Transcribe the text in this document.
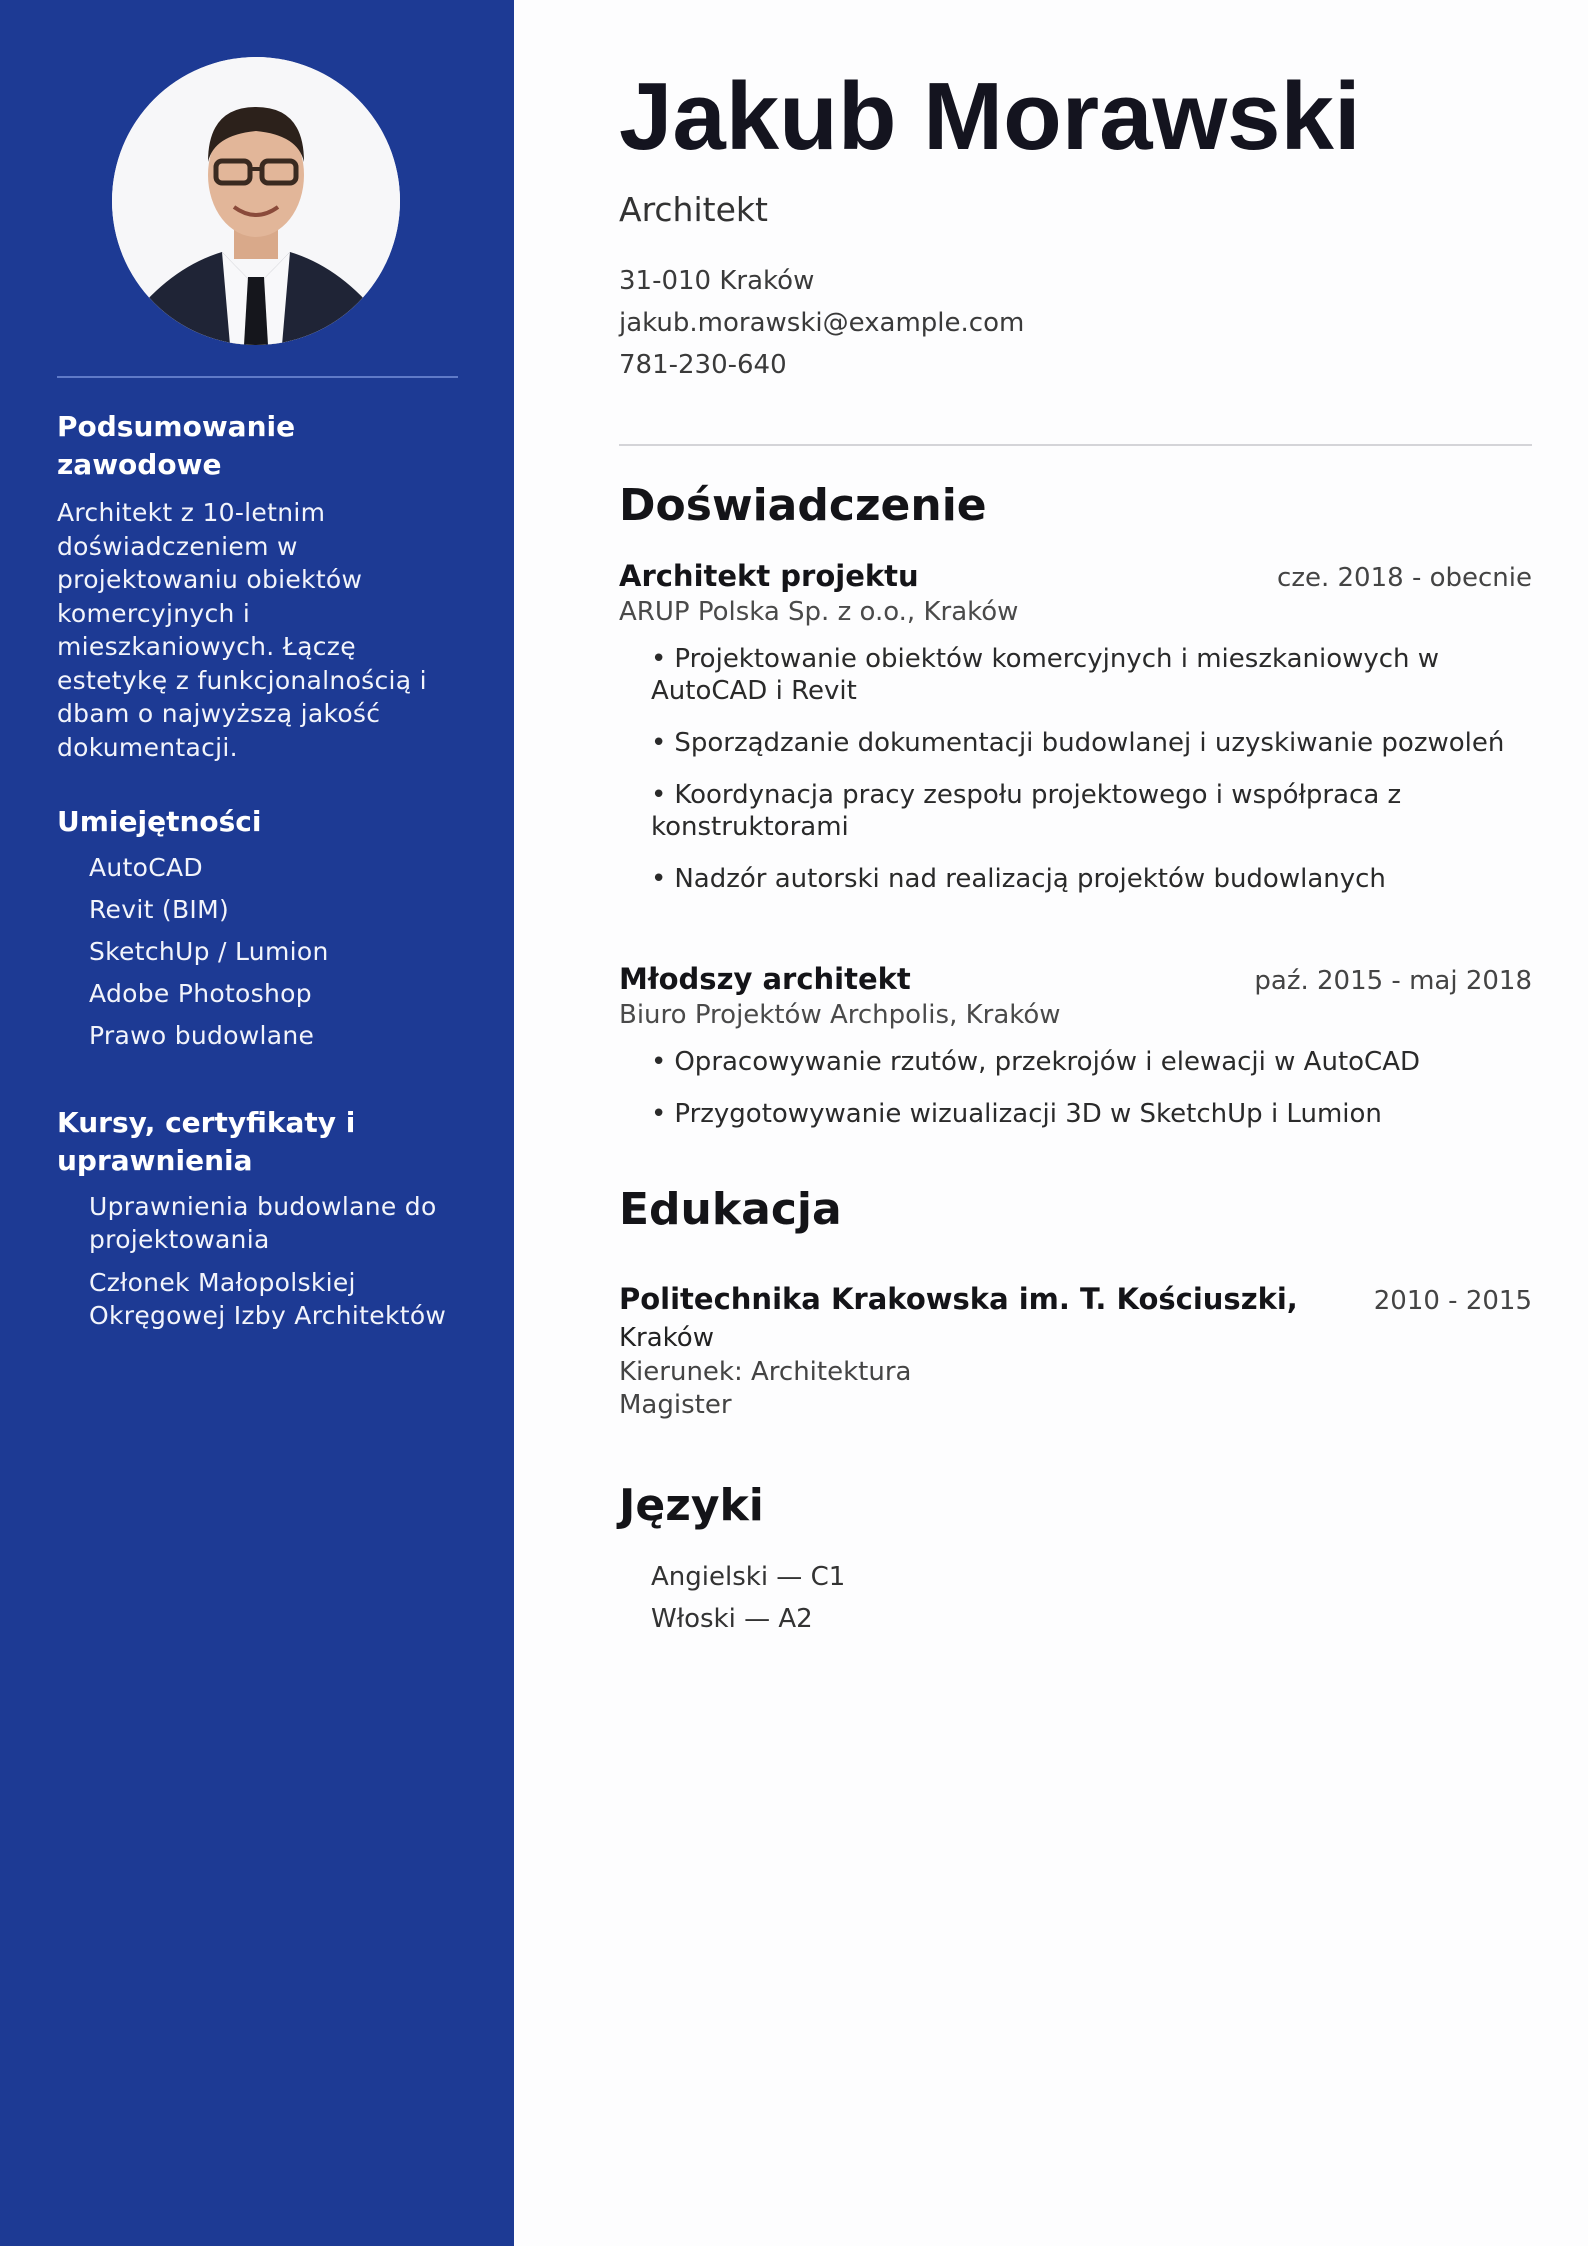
Podsumowanie zawodowe

Architekt z 10-letnim doświadczeniem w projektowaniu obiektów komercyjnych i mieszkaniowych. Łączę estetykę z funkcjonalnością i dbam o najwyższą jakość dokumentacji.

Umiejętności
AutoCAD
Revit (BIM)
SketchUp / Lumion
Adobe Photoshop
Prawo budowlane
Kursy, certyfikaty i uprawnienia
Uprawnienia budowlane do projektowania
Członek Małopolskiej Okręgowej Izby Architektów
Jakub Morawski
Architekt
31-010 Kraków
jakub.morawski@example.com
781-230-640
Doświadczenie
Architekt projektu	cze. 2018 - obecnie
ARUP Polska Sp. z o.o., Kraków
• Projektowanie obiektów komercyjnych i mieszkaniowych w AutoCAD i Revit
• Sporządzanie dokumentacji budowlanej i uzyskiwanie pozwoleń
• Koordynacja pracy zespołu projektowego i współpraca z konstruktorami
• Nadzór autorski nad realizacją projektów budowlanych
Młodszy architekt	paź. 2015 - maj 2018
Biuro Projektów Archpolis, Kraków
• Opracowywanie rzutów, przekrojów i elewacji w AutoCAD
• Przygotowywanie wizualizacji 3D w SketchUp i Lumion
Edukacja
Politechnika Krakowska im. T. Kościuszki,	2010 - 2015
Kraków
Kierunek: Architektura
Magister
Języki
Angielski — C1
Włoski — A2
